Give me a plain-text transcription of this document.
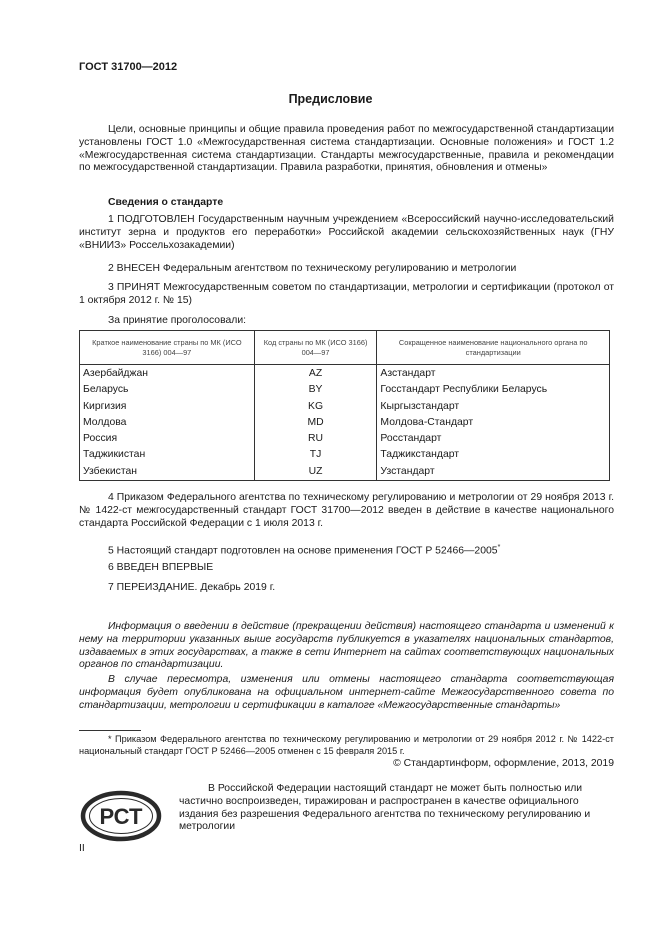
ГОСТ 31700—2012
Предисловие

Цели, основные принципы и общие правила проведения работ по межгосударственной стандартизации установлены ГОСТ 1.0 «Межгосударственная система стандартизации. Основные положения» и ГОСТ 1.2 «Межгосударственная система стандартизации. Стандарты межгосударственные, правила и рекомендации по межгосударственной стандартизации. Правила разработки, принятия, обновления и отмены»

Сведения о стандарте

1 ПОДГОТОВЛЕН Государственным научным учреждением «Всероссийский научно-исследовательский институт зерна и продуктов его переработки» Российской академии сельскохозяйственных наук (ГНУ «ВНИИЗ» Россельхозакадемии)

2 ВНЕСЕН Федеральным агентством по техническому регулированию и метрологии

3 ПРИНЯТ Межгосударственным советом по стандартизации, метрологии и сертификации (протокол от 1 октября 2012 г. № 15)

За принятие проголосовали:
Краткое наименование страны по МК (ИСО 3166) 004—97	Код страны по МК (ИСО 3166) 004—97	Сокращенное наименование национального органа по стандартизации
Азербайджан	AZ	Азстандарт
Беларусь	BY	Госстандарт Республики Беларусь
Киргизия	KG	Кыргызстандарт
Молдова	MD	Молдова-Стандарт
Россия	RU	Росстандарт
Таджикистан	TJ	Таджикстандарт
Узбекистан	UZ	Узстандарт

4 Приказом Федерального агентства по техническому регулированию и метрологии от 29 ноября 2013 г. № 1422-ст межгосударственный стандарт ГОСТ 31700—2012 введен в действие в качестве национального стандарта Российской Федерации с 1 июля 2013 г.

5 Настоящий стандарт подготовлен на основе применения ГОСТ Р 52466—2005*
6 ВВЕДЕН ВПЕРВЫЕ
7 ПЕРЕИЗДАНИЕ. Декабрь 2019 г.

Информация о введении в действие (прекращении действия) настоящего стандарта и изменений к нему на территории указанных выше государств публикуется в указателях национальных стандартов, издаваемых в этих государствах, а также в сети Интернет на сайтах соответствующих национальных органов по стандартизации.

В случае пересмотра, изменения или отмены настоящего стандарта соответствующая информация будет опубликована на официальном интернет-сайте Межгосударственного совета по стандартизации, метрологии и сертификации в каталоге «Межгосударственные стандарты»

* Приказом Федерального агентства по техническому регулированию и метрологии от 29 ноября 2012 г. № 1422-ст национальный стандарт ГОСТ Р 52466—2005 отменен с 15 февраля 2015 г.

© Стандартинформ, оформление, 2013, 2019
РСТ

В Российской Федерации настоящий стандарт не может быть полностью или частично воспроизведен, тиражирован и распространен в качестве официального издания без разрешения Федерального агентства по техническому регулированию и метрологии

II
